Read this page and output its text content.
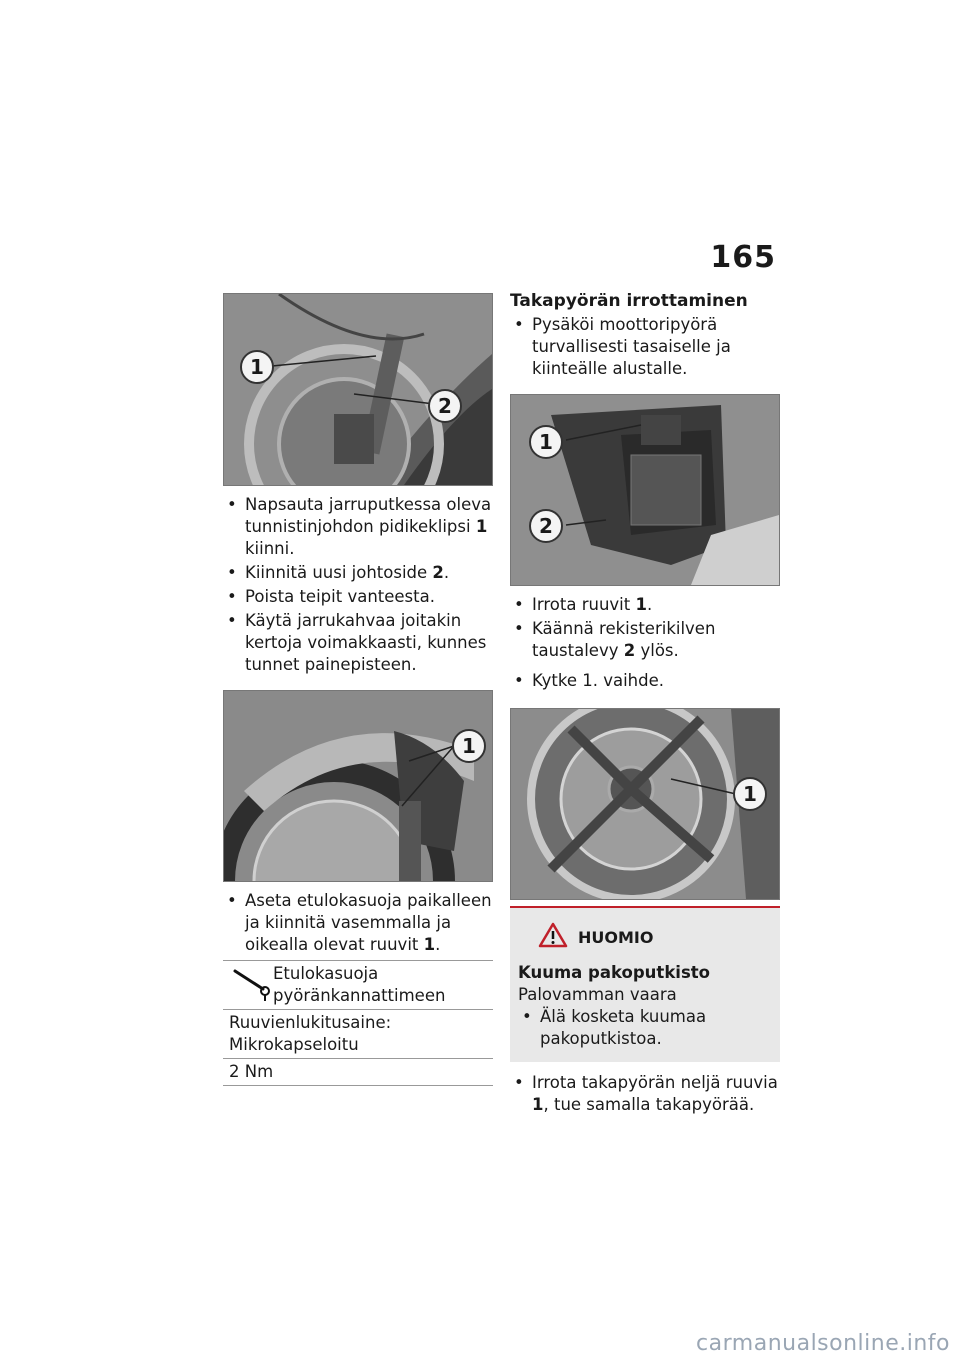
165
1
2
• Napsauta jarruputkessa oleva tunnistinjohdon pidikeklipsi 1 kiinni.
• Kiinnitä uusi johtoside 2.
• Poista teipit vanteesta.
• Käytä jarrukahvaa joitakin kertoja voimakkaasti, kunnes tunnet painepisteen.
1
• Aseta etulokasuoja paikalleen ja kiinnitä vasemmalla ja oikealla olevat ruuvit 1.
Etulokasuoja pyöränkannattimeen
Ruuvienlukitusaine: Mikrokapseloitu
2 Nm
Takapyörän irrottaminen
• Pysäköi moottoripyörä turvallisesti tasaiselle ja kiinteälle alustalle.
1
2
• Irrota ruuvit 1.
• Käännä rekisterikilven taustalevy 2 ylös.
• Kytke 1. vaihde.
1
HUOMIO
Kuuma pakoputkisto
Palovamman vaara
• Älä kosketa kuumaa pakoputkistoa.
• Irrota takapyörän neljä ruuvia 1, tue samalla takapyörää.
carmanualsonline.info
